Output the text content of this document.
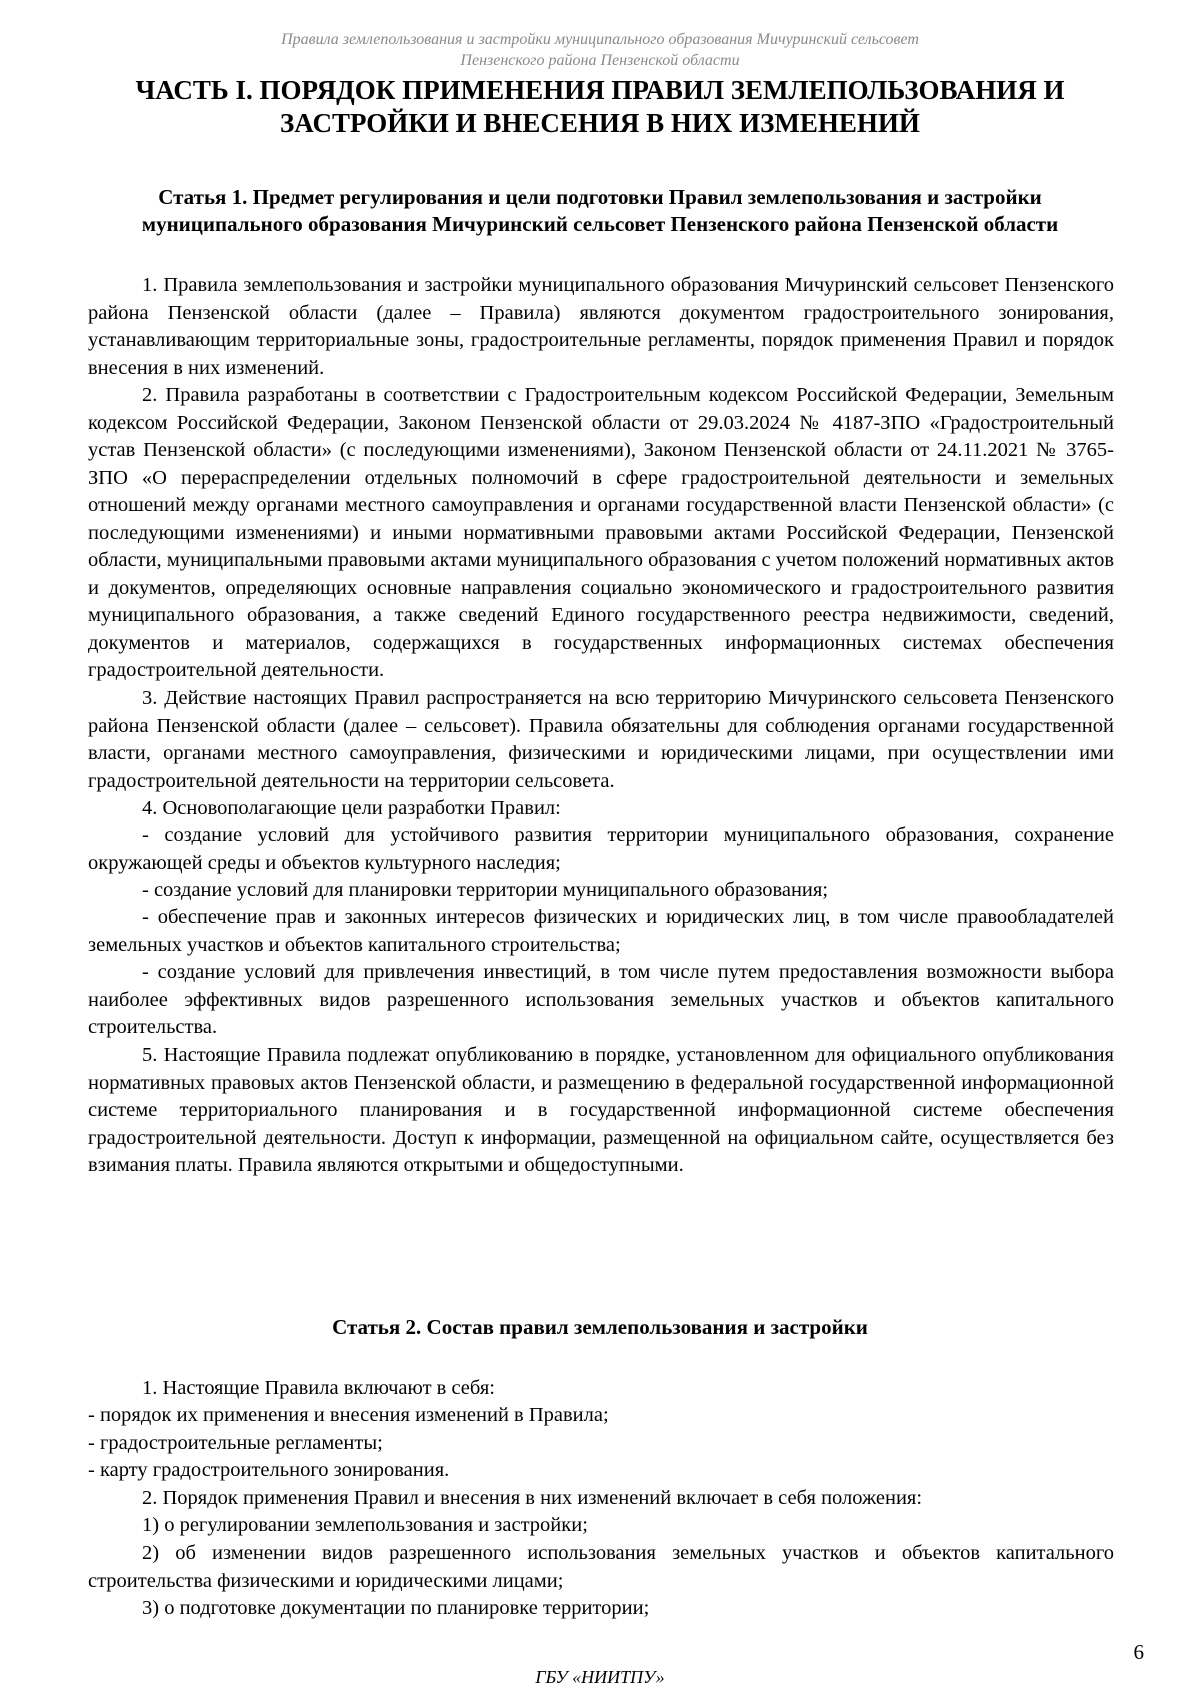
Правила землепользования и застройки муниципального образования Мичуринский сельсовет
Пензенского района Пензенской области
ЧАСТЬ I. ПОРЯДОК ПРИМЕНЕНИЯ ПРАВИЛ ЗЕМЛЕПОЛЬЗОВАНИЯ И ЗАСТРОЙКИ И ВНЕСЕНИЯ В НИХ ИЗМЕНЕНИЙ
Статья 1. Предмет регулирования и цели подготовки Правил землепользования и застройки муниципального образования Мичуринский сельсовет Пензенского района Пензенской области

1. Правила землепользования и застройки муниципального образования Мичуринский сельсовет Пензенского района Пензенской области (далее – Правила) являются документом градостроительного зонирования, устанавливающим территориальные зоны, градостроительные регламенты, порядок применения Правил и порядок внесения в них изменений.

2. Правила разработаны в соответствии с Градостроительным кодексом Российской Федерации, Земельным кодексом Российской Федерации, Законом Пензенской области от 29.03.2024 № 4187-ЗПО «Градостроительный устав Пензенской области» (с последующими изменениями), Законом Пензенской области от 24.11.2021 № 3765-ЗПО «О перераспределении отдельных полномочий в сфере градостроительной деятельности и земельных отношений между органами местного самоуправления и органами государственной власти Пензенской области» (с последующими изменениями) и иными нормативными правовыми актами Российской Федерации, Пензенской области, муниципальными правовыми актами муниципального образования с учетом положений нормативных актов и документов, определяющих основные направления социально экономического и градостроительного развития муниципального образования, а также сведений Единого государственного реестра недвижимости, сведений, документов и материалов, содержащихся в государственных информационных системах обеспечения градостроительной деятельности.

3. Действие настоящих Правил распространяется на всю территорию Мичуринского сельсовета Пензенского района Пензенской области (далее – сельсовет). Правила обязательны для соблюдения органами государственной власти, органами местного самоуправления, физическими и юридическими лицами, при осуществлении ими градостроительной деятельности на территории сельсовета.

4. Основополагающие цели разработки Правил:

- создание условий для устойчивого развития территории муниципального образования, сохранение окружающей среды и объектов культурного наследия;

- создание условий для планировки территории муниципального образования;

- обеспечение прав и законных интересов физических и юридических лиц, в том числе правообладателей земельных участков и объектов капитального строительства;

- создание условий для привлечения инвестиций, в том числе путем предоставления возможности выбора наиболее эффективных видов разрешенного использования земельных участков и объектов капитального строительства.

5. Настоящие Правила подлежат опубликованию в порядке, установленном для официального опубликования нормативных правовых актов Пензенской области, и размещению в федеральной государственной информационной системе территориального планирования и в государственной информационной системе обеспечения градостроительной деятельности. Доступ к информации, размещенной на официальном сайте, осуществляется без взимания платы. Правила являются открытыми и общедоступными.

Статья 2. Состав правил землепользования и застройки

1. Настоящие Правила включают в себя:

- порядок их применения и внесения изменений в Правила;

- градостроительные регламенты;

- карту градостроительного зонирования.

2. Порядок применения Правил и внесения в них изменений включает в себя положения:

1) о регулировании землепользования и застройки;

2) об изменении видов разрешенного использования земельных участков и объектов капитального строительства физическими и юридическими лицами;

3) о подготовке документации по планировке территории;

6
ГБУ «НИИТПУ»
